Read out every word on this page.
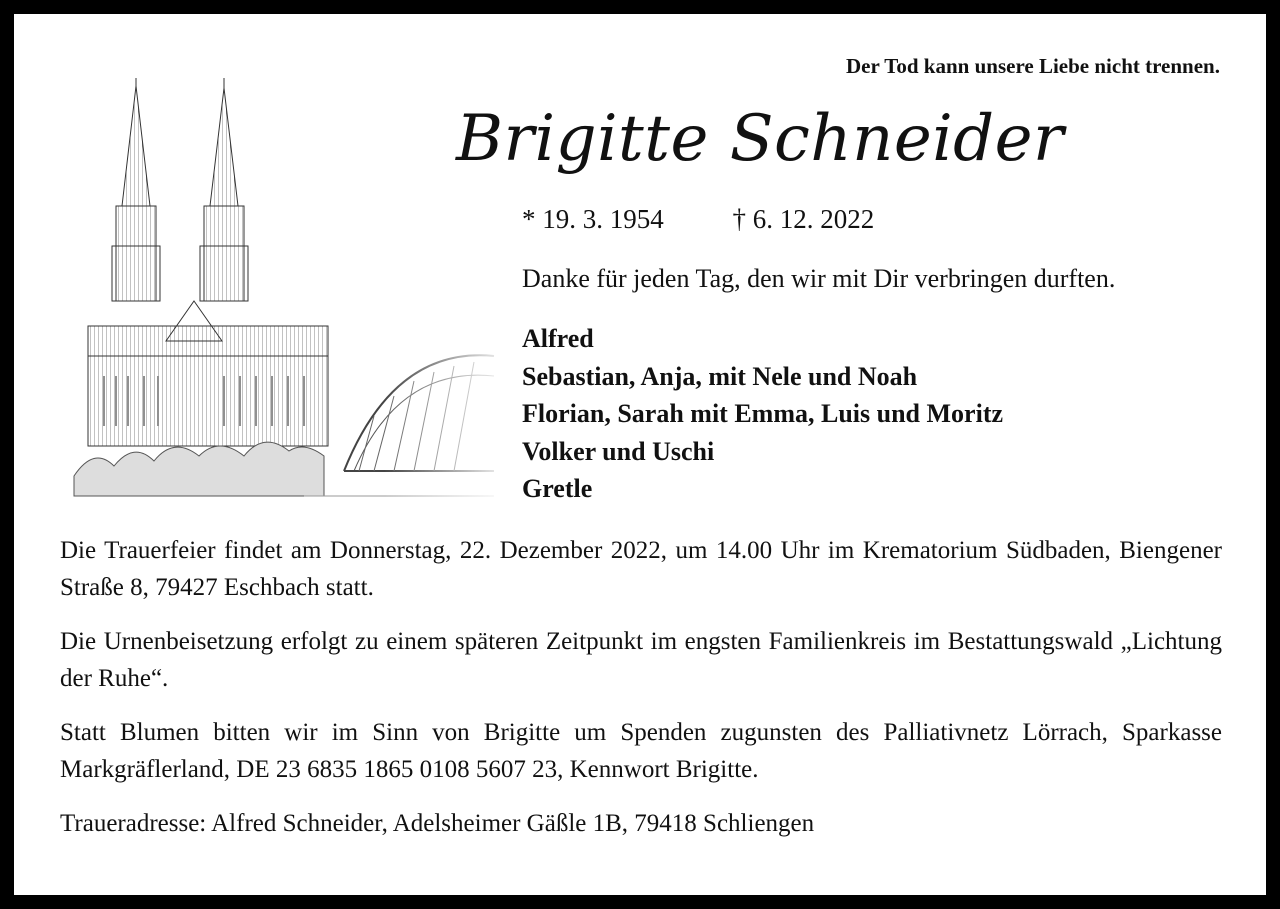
Der Tod kann unsere Liebe nicht trennen.
Brigitte Schneider
* 19. 3. 1954	† 6. 12. 2022
Danke für jeden Tag, den wir mit Dir verbringen durften.
Alfred
Sebastian, Anja, mit Nele und Noah
Florian, Sarah mit Emma, Luis und Moritz
Volker und Uschi
Gretle

Die Trauerfeier findet am Donnerstag, 22. Dezember 2022, um 14.00 Uhr im Krematorium Südbaden, Biengener Straße 8, 79427 Eschbach statt.

Die Urnenbeisetzung erfolgt zu einem späteren Zeitpunkt im engsten Familienkreis im Bestattungswald „Lichtung der Ruhe“.

Statt Blumen bitten wir im Sinn von Brigitte um Spenden zugunsten des Palliativnetz Lörrach, Sparkasse Markgräflerland, DE 23 6835 1865 0108 5607 23, Kennwort Brigitte.

Traueradresse: Alfred Schneider, Adelsheimer Gäßle 1B, 79418 Schliengen
